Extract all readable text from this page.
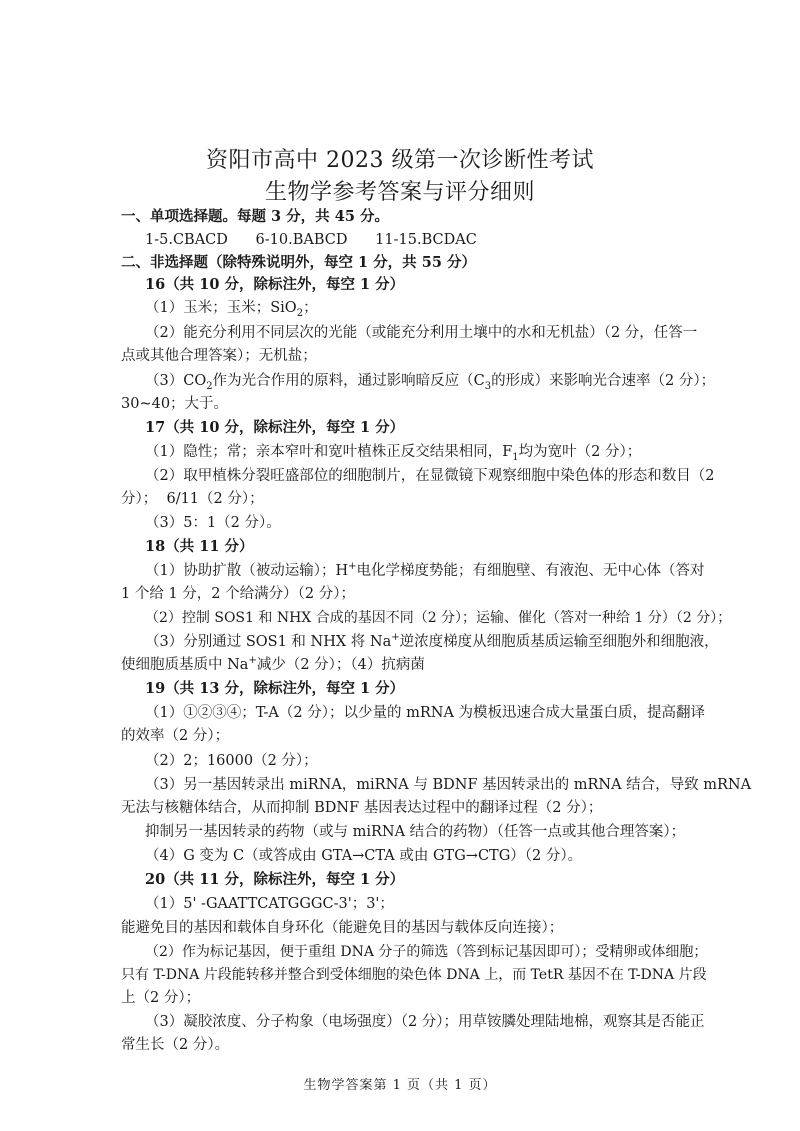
资阳市高中 2023 级第一次诊断性考试
生物学参考答案与评分细则
一、单项选择题。每题 3 分，共 45 分。
1-5.CBACD      6-10.BABCD      11-15.BCDAC
二、非选择题（除特殊说明外，每空 1 分，共 55 分）
16（共 10 分，除标注外，每空 1 分）
（1）玉米；玉米；SiO$_2$；
（2）能充分利用不同层次的光能（或能充分利用土壤中的水和无机盐）（2 分，任答一
点或其他合理答案）；无机盐；
$(3)CO_2$作为光合作用的原料，通过影响暗反应（$C_3$的形成）来影响光合速率（2 分）；
30~40；大于。
17（共 10 分，除标注外，每空 1 分）
（1）隐性；常；亲本窄叶和宽叶植株正反交结果相同，$F_1$均为宽叶（2 分）；
（2）取甲植株分裂旺盛部位的细胞制片，在显微镜下观察细胞中染色体的形态和数目（2
分）；  6/11（2 分）；
（3）5：1（2 分）。
18（共 11 分）
（1）协助扩散（被动运输）；H+电化学梯度势能；有细胞壁、有液泡、无中心体（答对
1 个给 1 分，2 个给满分）（2 分）；
（2）控制 SOS1 和 NHX 合成的基因不同（2 分）；运输、催化（答对一种给 1 分）（2 分）；
（3）分别通过 SOS1 和 NHX 将 Na+逆浓度梯度从细胞质基质运输至细胞外和细胞液，
使细胞质基质中 Na+减少（2 分）；（4）抗病菌
19（共 13 分，除标注外，每空 1 分）
（1）①②③④；T-A（2 分）；以少量的 mRNA 为模板迅速合成大量蛋白质，提高翻译
的效率（2 分）；
（2）2；16000（2 分）；
（3）另一基因转录出 miRNA，miRNA 与 BDNF 基因转录出的 mRNA 结合，导致 mRNA
无法与核糖体结合，从而抑制 BDNF 基因表达过程中的翻译过程（2 分）；
抑制另一基因转录的药物（或与 miRNA 结合的药物）（任答一点或其他合理答案）；
（4）G 变为 C（或答成由 GTA→CTA 或由 GTG→CTG）（2 分）。
20（共 11 分，除标注外，每空 1 分）
（1）5' -GAATTCATGGGC-3'；3'；
能避免目的基因和载体自身环化（能避免目的基因与载体反向连接）；
（2）作为标记基因，便于重组 DNA 分子的筛选（答到标记基因即可）；受精卵或体细胞；
只有 T-DNA 片段能转移并整合到受体细胞的染色体 DNA 上，而 TetR 基因不在 T-DNA 片段
上（2 分）；
（3）凝胶浓度、分子构象（电场强度）（2 分）；用草铵膦处理陆地棉，观察其是否能正
常生长（2 分）。
生物学答案第 1 页（共 1 页）
